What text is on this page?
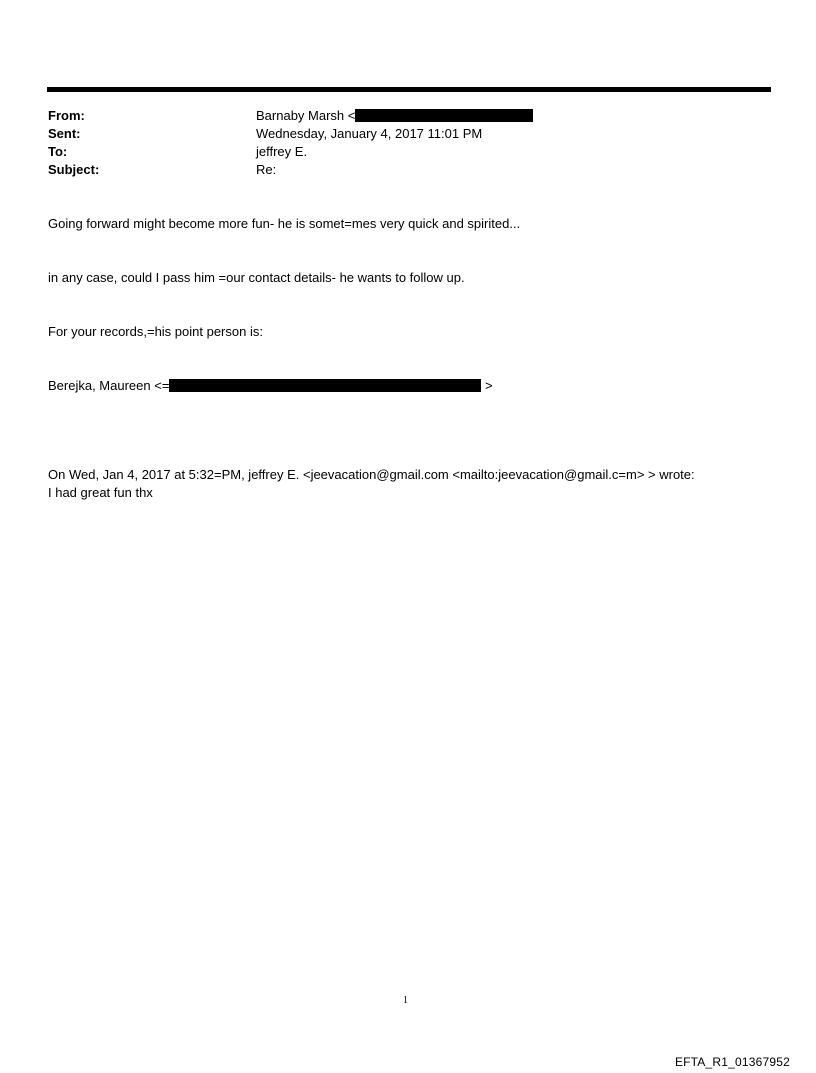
From:	Barnaby Marsh <
Sent:	Wednesday, January 4, 2017 11:01 PM
To:	jeffrey E.
Subject:	Re:
Going forward might become more fun- he is somet=mes very quick and spirited...
in any case, could I pass him =our contact details- he wants to follow up.
For your records,=his point person is:
Berejka, Maureen <=	>
On Wed, Jan 4, 2017 at 5:32=PM, jeffrey E. <jeevacation@gmail.com <mailto:jeevacation@gmail.c=m> > wrote:
I had great fun thx
1
EFTA_R1_01367952
